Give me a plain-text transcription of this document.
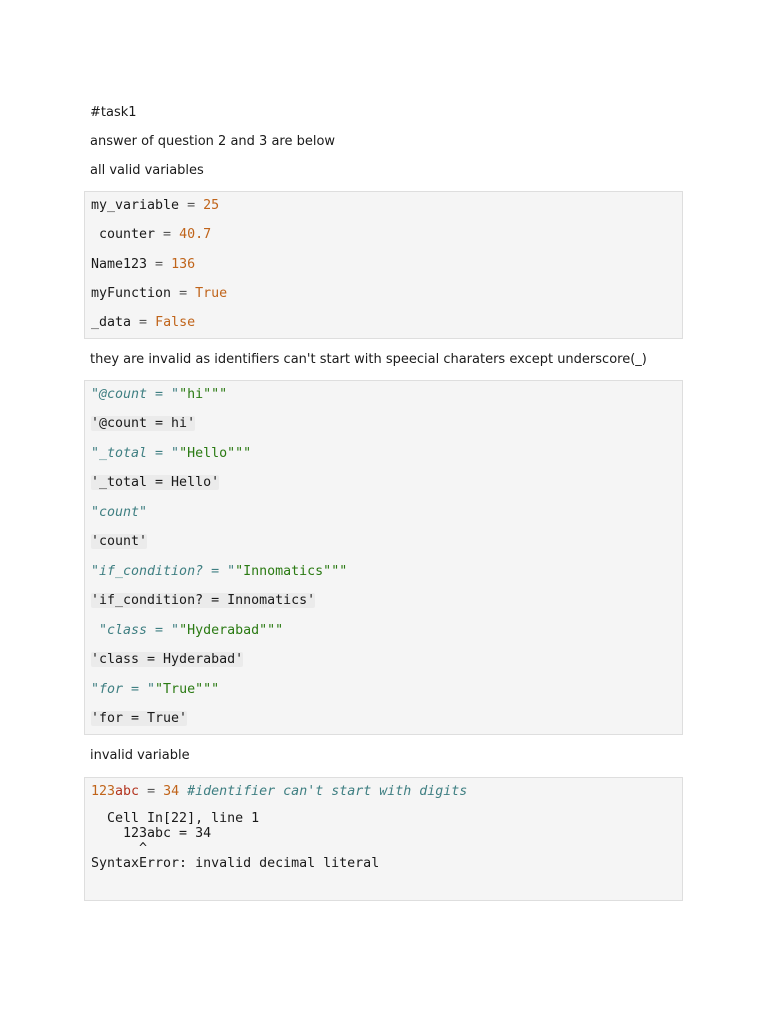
#task1
answer of question 2 and 3 are below
all valid variables
my_variable = 25
counter = 40.7
Name123 = 136
myFunction = True
_data = False
they are invalid as identifiers can't start with speecial charaters except underscore(_)
"@count = ""hi"""
'@count = hi'
"_total = ""Hello"""
'_total = Hello'
"count"
'count'
"if_condition? = ""Innomatics"""
'if_condition? = Innomatics'
"class = ""Hyderabad"""
'class = Hyderabad'
"for = ""True"""
'for = True'
invalid variable
123abc = 34 #identifier can't start with digits
Cell In[22], line 1
123abc = 34
^
SyntaxError: invalid decimal literal
